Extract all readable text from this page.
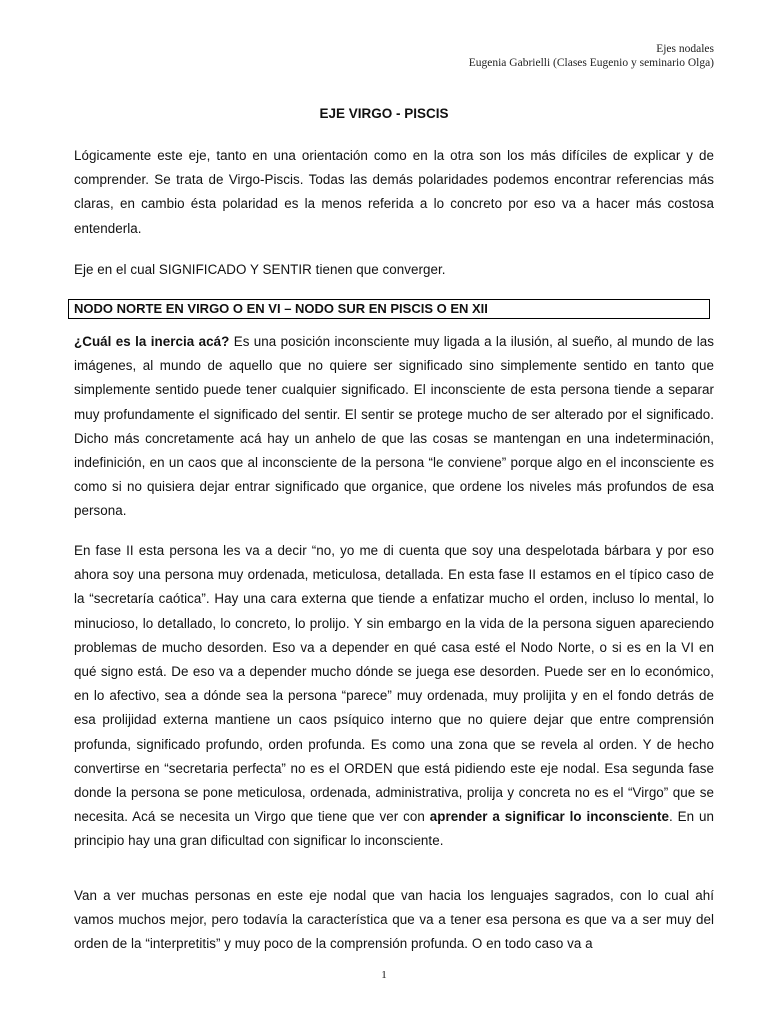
Ejes nodales
Eugenia Gabrielli (Clases Eugenio y seminario Olga)
EJE VIRGO - PISCIS

Lógicamente este eje, tanto en una orientación como en la otra son los más difíciles de explicar y de comprender. Se trata de Virgo-Piscis. Todas las demás polaridades podemos encontrar referencias más claras, en cambio ésta polaridad es la menos referida a lo concreto por eso va a hacer más costosa entenderla.

Eje en el cual SIGNIFICADO Y SENTIR tienen que converger.

NODO NORTE EN VIRGO O EN VI – NODO SUR EN PISCIS O EN XII

¿Cuál es la inercia acá? Es una posición inconsciente muy ligada a la ilusión, al sueño, al mundo de las imágenes, al mundo de aquello que no quiere ser significado sino simplemente sentido en tanto que simplemente sentido puede tener cualquier significado. El inconsciente de esta persona tiende a separar muy profundamente el significado del sentir. El sentir se protege mucho de ser alterado por el significado. Dicho más concretamente acá hay un anhelo de que las cosas se mantengan en una indeterminación, indefinición, en un caos que al inconsciente de la persona “le conviene” porque algo en el inconsciente es como si no quisiera dejar entrar significado que organice, que ordene los niveles más profundos de esa persona.

En fase II esta persona les va a decir “no, yo me di cuenta que soy una despelotada bárbara y por eso ahora soy una persona muy ordenada, meticulosa, detallada. En esta fase II estamos en el típico caso de la “secretaría caótica”. Hay una cara externa que tiende a enfatizar mucho el orden, incluso lo mental, lo minucioso, lo detallado, lo concreto, lo prolijo. Y sin embargo en la vida de la persona siguen apareciendo problemas de mucho desorden. Eso va a depender en qué casa esté el Nodo Norte, o si es en la VI en qué signo está. De eso va a depender mucho dónde se juega ese desorden. Puede ser en lo económico, en lo afectivo, sea a dónde sea la persona “parece” muy ordenada, muy prolijita y en el fondo detrás de esa prolijidad externa mantiene un caos psíquico interno que no quiere dejar que entre comprensión profunda, significado profundo, orden profunda. Es como una zona que se revela al orden. Y de hecho convertirse en “secretaria perfecta” no es el ORDEN que está pidiendo este eje nodal. Esa segunda fase donde la persona se pone meticulosa, ordenada, administrativa, prolija y concreta no es el “Virgo” que se necesita. Acá se necesita un Virgo que tiene que ver con aprender a significar lo inconsciente. En un principio hay una gran dificultad con significar lo inconsciente.

Van a ver muchas personas en este eje nodal que van hacia los lenguajes sagrados, con lo cual ahí vamos muchos mejor, pero todavía la característica que va a tener esa persona es que va a ser muy del orden de la “interpretitis” y muy poco de la comprensión profunda. O en todo caso va a

1
